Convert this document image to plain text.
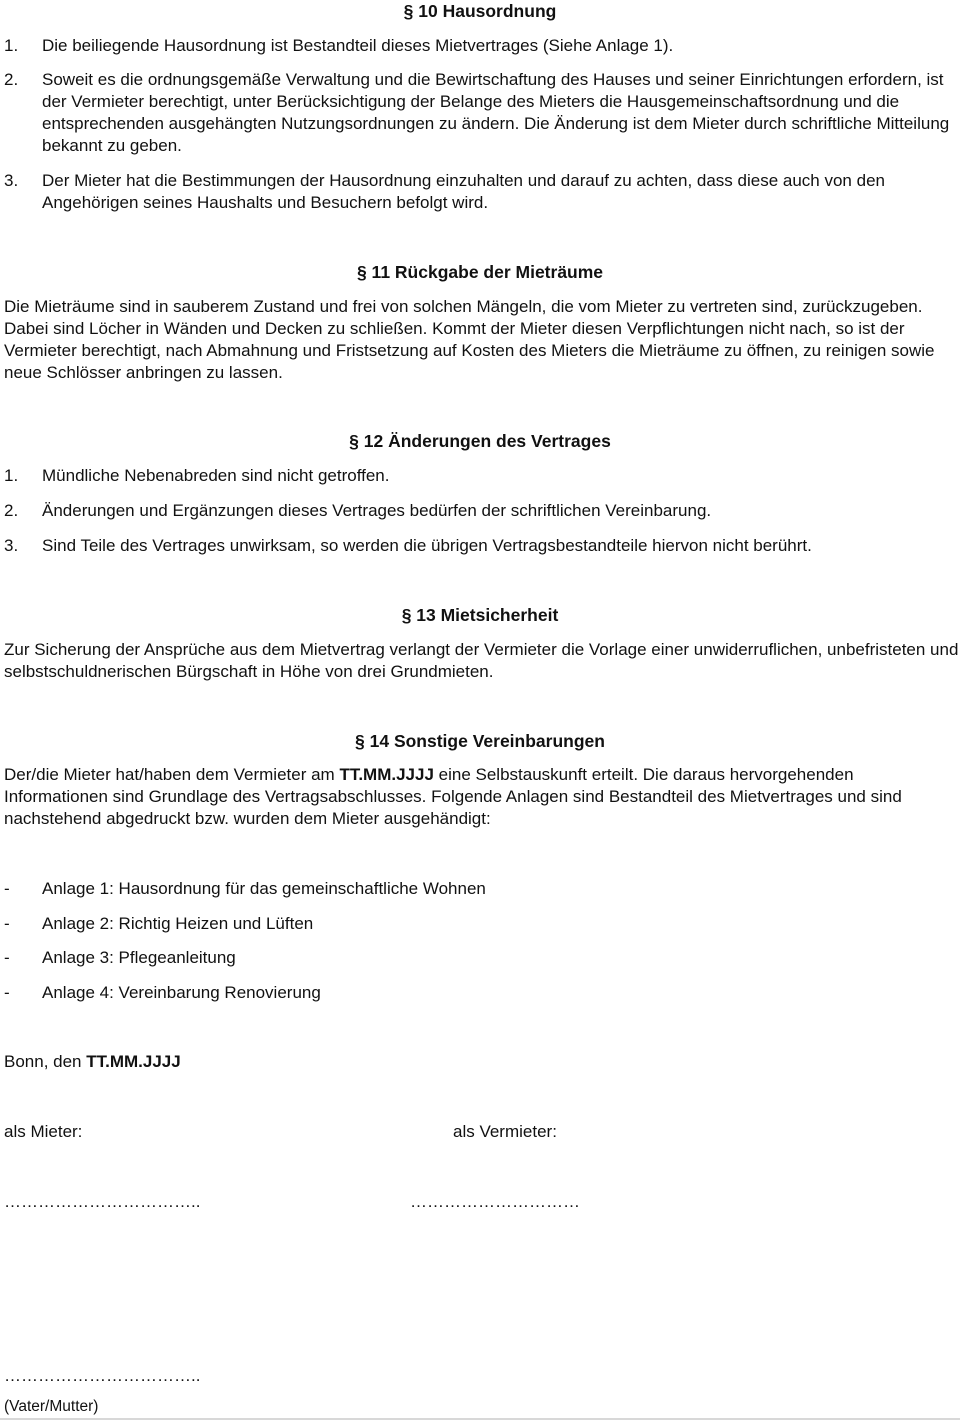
§ 10 Hausordnung
1. Die beiliegende Hausordnung ist Bestandteil dieses Mietvertrages (Siehe Anlage 1).
2. Soweit es die ordnungsgemäße Verwaltung und die Bewirtschaftung des Hauses und seiner Einrichtungen erfordern, ist der Vermieter berechtigt, unter Berücksichtigung der Belange des Mieters die Hausgemeinschaftsordnung und die entsprechenden ausgehängten Nutzungsordnungen zu ändern. Die Änderung ist dem Mieter durch schriftliche Mitteilung bekannt zu geben.
3. Der Mieter hat die Bestimmungen der Hausordnung einzuhalten und darauf zu achten, dass diese auch von den Angehörigen seines Haushalts und Besuchern befolgt wird.
§ 11 Rückgabe der Mieträume
Die Mieträume sind in sauberem Zustand und frei von solchen Mängeln, die vom Mieter zu vertreten sind, zurückzugeben. Dabei sind Löcher in Wänden und Decken zu schließen. Kommt der Mieter diesen Verpflichtungen nicht nach, so ist der Vermieter berechtigt, nach Abmahnung und Fristsetzung auf Kosten des Mieters die Mieträume zu öffnen, zu reinigen sowie neue Schlösser anbringen zu lassen.
§ 12 Änderungen des Vertrages
1. Mündliche Nebenabreden sind nicht getroffen.
2. Änderungen und Ergänzungen dieses Vertrages bedürfen der schriftlichen Vereinbarung.
3. Sind Teile des Vertrages unwirksam, so werden die übrigen Vertragsbestandteile hiervon nicht berührt.
§ 13 Mietsicherheit
Zur Sicherung der Ansprüche aus dem Mietvertrag verlangt der Vermieter die Vorlage einer unwiderruflichen, unbefristeten und selbstschuldnerischen Bürgschaft in Höhe von drei Grundmieten.
§ 14 Sonstige Vereinbarungen
Der/die Mieter hat/haben dem Vermieter am TT.MM.JJJJ eine Selbstauskunft erteilt. Die daraus hervorgehenden Informationen sind Grundlage des Vertragsabschlusses. Folgende Anlagen sind Bestandteil des Mietvertrages und sind nachstehend abgedruckt bzw. wurden dem Mieter ausgehändigt:
- Anlage 1: Hausordnung für das gemeinschaftliche Wohnen
- Anlage 2: Richtig Heizen und Lüften
- Anlage 3: Pflegeanleitung
- Anlage 4: Vereinbarung Renovierung
Bonn, den TT.MM.JJJJ
als Mieter:	als Vermieter:
……………………………..	…………………………
……………………………..
(Vater/Mutter)
